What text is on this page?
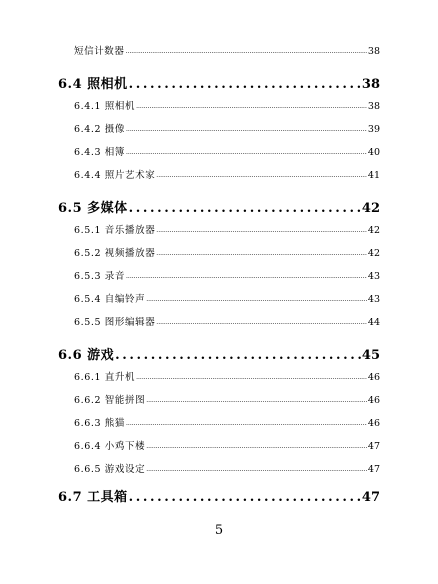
短信计数器 .....	38
6.4 照相机 .....	38
6.4.1 照相机 .....	38
6.4.2 摄像 .....	39
6.4.3 相簿 .....	40
6.4.4 照片艺术家 .....	41
6.5 多媒体 .....	42
6.5.1 音乐播放器 .....	42
6.5.2 视频播放器 .....	42
6.5.3 录音 .....	43
6.5.4 自编铃声 .....	43
6.5.5 图形编辑器 .....	44
6.6 游戏 .....	45
6.6.1 直升机 .....	46
6.6.2 智能拼图 .....	46
6.6.3 熊猫 .....	46
6.6.4 小鸡下楼 .....	47
6.6.5 游戏设定 .....	47
6.7 工具箱 .....	47
5
